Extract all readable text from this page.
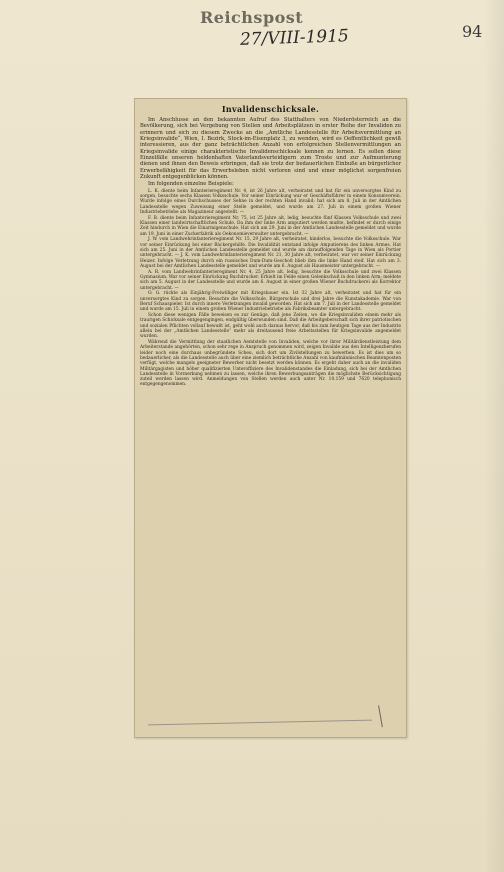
Reichspost
27/VIII-1915	94
Invalidenschicksale.

Im Anschlusse an den bekannten Aufruf des Statthalters von Niederösterreich an die Bevölkerung, sich bei Vergebung von Stellen und Arbeitsplätzen in erster Reihe der Invaliden zu erinnern und sich zu diesem Zwecke an die „Amtliche Landesstelle für Arbeitsvermittlung an Kriegsinvalide“, Wien, I. Bezirk, Stock-im-Eisenplatz 3, zu wenden, wird es Oeffentlichkeit gewiß interessieren, aus der ganz beträchtlichen Anzahl von erfolgreichen Stellenvermittlungen an Kriegsinvalide einige charakteristische Invalidenschicksale kennen zu lernen. Es sollen diese Einzelfälle unseren heldenhaften Vaterlandsverteidigern zum Troste und zur Aufmunterung dienen und ihnen den Beweis erbringen, daß sie trotz der bedauerlichen Einbuße an bürgerlicher Erwerbsfähigkeit für das Erwerbsleben nicht verloren sind und einer möglichst sorgenfreien Zukunft entgegenblicken können.

Im folgenden einzelne Beispiele:

L. K. diente beim Infanterieregiment Nr. 4, ist 26 Jahre alt, verheiratet und hat für ein unversorgtes Kind zu sorgen, besuchte sechs Klassen Volksschule. Vor seiner Einrückung war er Geschäftsführer in einem Konsumverein. Wurde infolge eines Durchschusses der Sehne in der rechten Hand invalid; hat sich am 8. Juli in der Amtlichen Landesstelle wegen Zuweisung einer Stelle gemeldet, und wurde am 27. Juli in einem großen Wiener Industriebetriebe als Magazineur angestellt. —

F. B. diente beim Infanterieregiment Nr. 75, ist 25 Jahre alt, ledig, besuchte fünf Klassen Volksschule und zwei Klassen einer landwirtschaftlichen Schule. Da ihm der linke Arm amputiert werden mußte, befindet er durch einige Zeit hindurch in Wien die Einarmigenschule. Hat sich am 29. Juni in der Amtlichen Landesstelle gemeldet und wurde am 19. Juni in einer Zuckerfabrik als Oekonomieverwalter untergebracht. —

J. W. vom Landwehrinfanterieregiment Nr. 15, 29 Jahre alt, verheiratet, kinderlos, besuchte die Volksschule. War vor seiner Einrückung bei einer Bäckergehilfe. Die Invalidität entstand infolge Amputierens des linken Armes. Hat sich am 25. Juni in der Amtlichen Landesstelle gemeldet und wurde am darauffolgenden Tage in Wien als Portier untergebracht. — J. K. vom Landwehrinfanterieregiment Nr. 21, 30 Jahre alt, verheiratet, war vor seiner Einrückung Heizer. Infolge Verletzung durch ein russisches Dum-Dum-Geschoß blieb ihm die linke Hand steif. Hat sich am 3. August bei der Amtlichen Landesstelle gemeldet und wurde am 6. August als Hausmeister untergebracht. —

A. R. vom Landwehrinfanterieregiment Nr. 4, 25 Jahre alt, ledig, besuchte die Volksschule und zwei Klassen Gymnasium. War vor seiner Einrückung Buchdrucker. Erhielt im Felde einen Gelenkschuß in den linken Arm; meldete sich am 5. August in der Landesstelle und wurde am 6. August in einer großen Wiener Buchdruckerei als Korrektor untergebracht. —

O. G. rückte als Einjährig-Freiwilliger mit Kriegsbauer ein. Ist 32 Jahre alt, verheiratet und hat für ein unversorgtes Kind zu sorgen. Besuchte die Volksschule, Bürgerschule und drei Jahre die Kunstakademie. War von Beruf Schauspieler. Ist durch innere Verletzungen invalid geworden. Hat sich am 7. Juli in der Landesstelle gemeldet und wurde am 15. Juli in einem großen Wiener Industriebetriebe als Fabriksbeamter untergebracht.

Schon diese wenigen Fälle beweisen es zur Genüge, daß jene Zeiten, wo die Kriegsinvaliden einem mehr als traurigen Schicksale entgegengingen, endgültig überwunden sind. Daß die Arbeitgeberschaft sich ihrer patriotischen und sozialen Pflichten vollauf bewußt ist, geht wohl auch daraus hervor, daß bis zum heutigen Tage aus der Industrie allein bei der „Amtlichen Landesstelle“ mehr als dreitausend freie Arbeitsstellen für Kriegsinvalide angemeldet wurden.

Während die Vermittlung der staatlichen Aemtstelle von Invaliden, welche vor ihrer Militärdienstleistung dem Arbeiterstande angehörten, schon sehr rege in Anspruch genommen wird, zeigen Invalide aus den Intelligenzberufen leider noch eine durchaus unbegründete Scheu, sich dort um Zivilstellungen zu bewerben. Es ist dies um so bedauerlicher, als die Landesstelle auch über eine ziemlich beträchtliche Anzahl von kaufmännischen Beamtenposten verfügt, welche mangels geeigneter Bewerber nicht besetzt werden können. Es ergeht daher auch an die invaliden Militärgagisten und höher qualifizierten Unteroffiziere des Invalidenstandes die Einladung, sich bei der Amtlichen Landesstelle in Vormerkung nehmen zu lassen, welche ihren Bewerbungsanträgen die möglichste Berücksichtigung zuteil werden lassen wird. Anmeldungen von Stellen werden auch unter Nr. 10.159 und 7620 telephonisch entgegengenommen.
